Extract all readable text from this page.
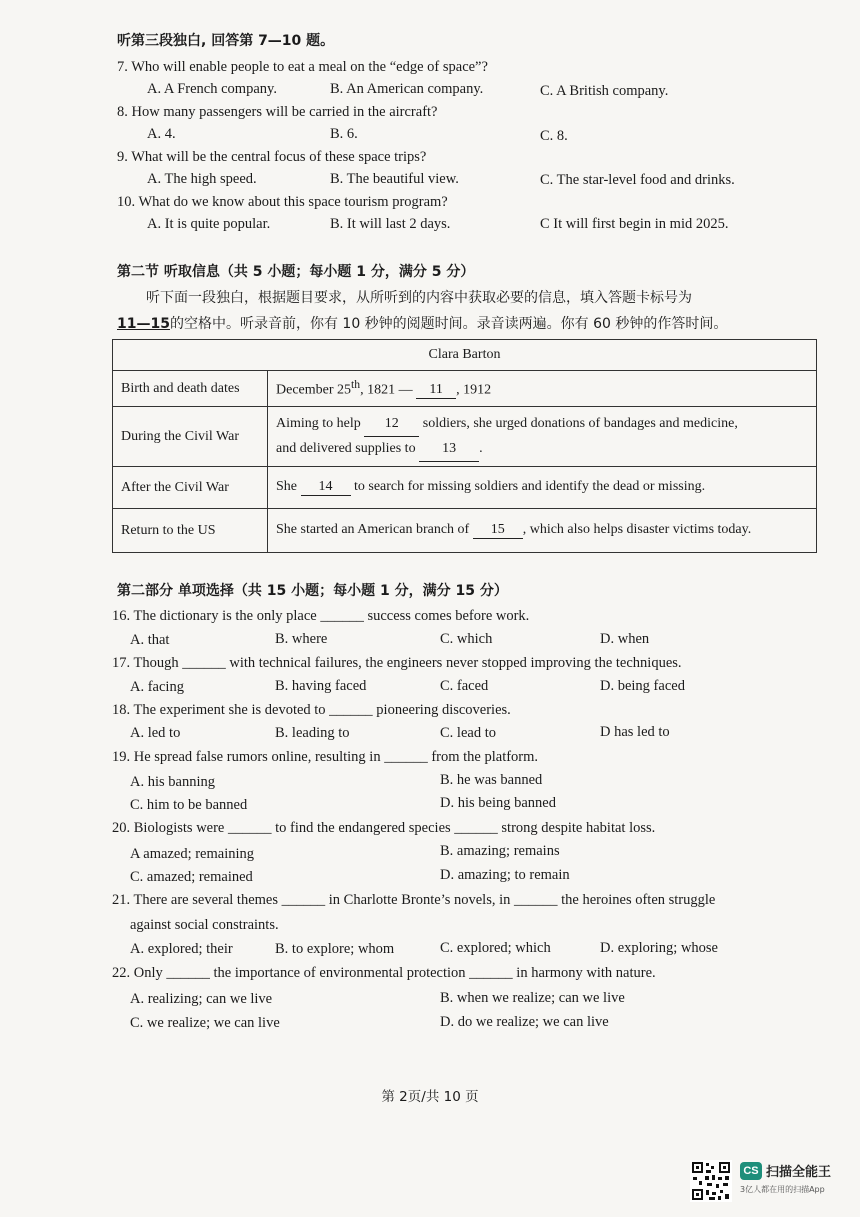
听第三段独白, 回答第 7—10 题。
7. Who will enable people to eat a meal on the “edge of space”?
A. A French company.	B. An American company.	C. A British company.
8. How many passengers will be carried in the aircraft?
A. 4.	B. 6.	C. 8.
9. What will be the central focus of these space trips?
A. The high speed.	B. The beautiful view.	C. The star-level food and drinks.
10. What do we know about this space tourism program?
A. It is quite popular.	B. It will last 2 days.	C It will first begin in mid 2025.
第二节 听取信息（共 5 小题；每小题 1 分，满分 5 分）
听下面一段独白，根据题目要求，从所听到的内容中获取必要的信息，填入答题卡标号为
11—15的空格中。听录音前，你有 10 秒钟的阅题时间。录音读两遍。你有 60 秒钟的作答时间。
Clara Barton	
Birth and death dates	December 25th, 1821 — 11 , 1912
During the Civil War	Aiming to help 12 soldiers, she urged donations of bandages and medicine,
and delivered supplies to 13 .
After the Civil War	She 14 to search for missing soldiers and identify the dead or missing.
Return to the US	She started an American branch of 15 , which also helps disaster victims today.
第二部分 单项选择（共 15 小题；每小题 1 分，满分 15 分）
16. The dictionary is the only place ______ success comes before work.
A. that	B. where	C. which	D. when
17. Though ______ with technical failures, the engineers never stopped improving the techniques.
A. facing	B. having faced	C. faced	D. being faced
18. The experiment she is devoted to ______ pioneering discoveries.
A. led to	B. leading to	C. lead to	D has led to
19. He spread false rumors online, resulting in ______ from the platform.
A. his banning	B. he was banned
C. him to be banned	D. his being banned
20. Biologists were ______ to find the endangered species ______ strong despite habitat loss.
A amazed; remaining	B. amazing; remains
C. amazed; remained	D. amazing; to remain
21. There are several themes ______ in Charlotte Bronte’s novels, in ______ the heroines often struggle
against social constraints.
A. explored; their	B. to explore; whom	C. explored; which	D. exploring; whose
22. Only ______ the importance of environmental protection ______ in harmony with nature.
A. realizing; can we live	B. when we realize; can we live
C. we realize; we can live	D. do we realize; we can live
第 2页/共 10 页
CS 扫描全能王
3亿人都在用的扫描App
